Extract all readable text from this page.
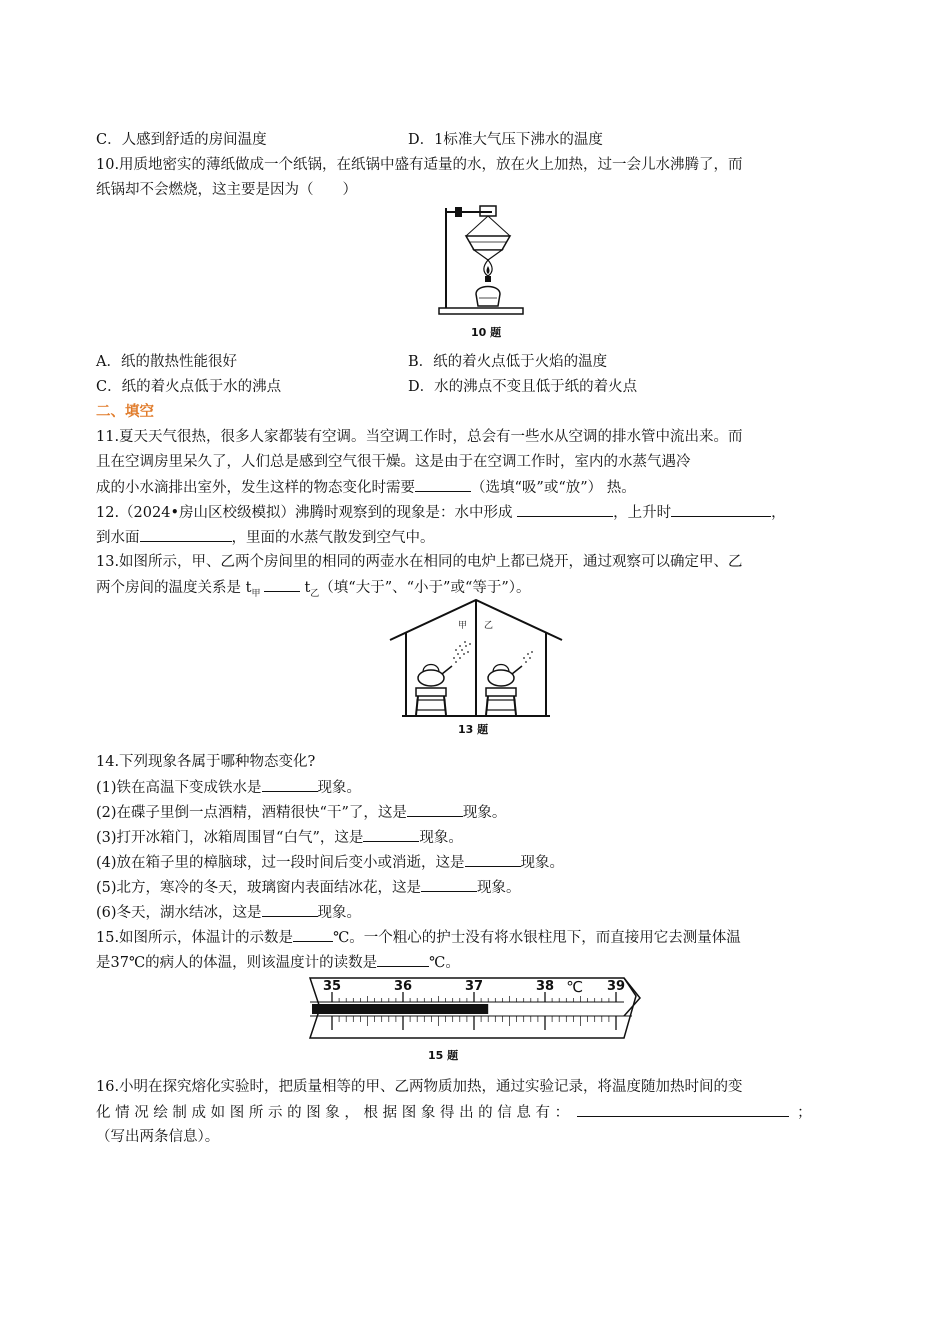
C．人感到舒适的房间温度	D．1标准大气压下沸水的温度
10.用质地密实的薄纸做成一个纸锅，在纸锅中盛有适量的水，放在火上加热，过一会儿水沸腾了，而
纸锅却不会燃烧，这主要是因为（　　）
10 题
A．纸的散热性能很好	B．纸的着火点低于火焰的温度
C．纸的着火点低于水的沸点	D．水的沸点不变且低于纸的着火点
二、填空
11.夏天天气很热，很多人家都装有空调。当空调工作时，总会有一些水从空调的排水管中流出来。而
且在空调房里呆久了，人们总是感到空气很干燥。这是由于在空调工作时，室内的水蒸气遇冷
成的小水滴排出室外，发生这样的物态变化时需要	（选填“吸”或“放”） 热。
12.（2024•房山区校级模拟）沸腾时观察到的现象是：水中形成	，上升时	，
到水面	，里面的水蒸气散发到空气中。
13.如图所示，甲、乙两个房间里的相同的两壶水在相同的电炉上都已烧开，通过观察可以确定甲、乙
两个房间的温度关系是 $t_甲$	$t_乙$（填“大于”、“小于”或“等于”）。
甲 乙
13 题
14.下列现象各属于哪种物态变化?
(1)铁在高温下变成铁水是	现象。
(2)在碟子里倒一点酒精，酒精很快“干”了，这是	现象。
(3)打开冰箱门，冰箱周围冒“白气”，这是	现象。
(4)放在箱子里的樟脑球，过一段时间后变小或消逝，这是	现象。
(5)北方，寒冷的冬天，玻璃窗内表面结冰花，这是	现象。
(6)冬天，湖水结冰，这是	现象。
15.如图所示，体温计的示数是	℃。一个粗心的护士没有将水银柱甩下，而直接用它去测量体温
是37℃的病人的体温，则该温度计的读数是	℃。
35	36	37	38	39
℃
15 题
16.小明在探究熔化实验时，把质量相等的甲、乙两物质加热，通过实验记录，将温度随加热时间的变
化 情 况 绘 制 成 如 图 所 示 的 图 象 ， 根 据 图 象 得 出 的 信 息 有 ：	；
（写出两条信息）。
